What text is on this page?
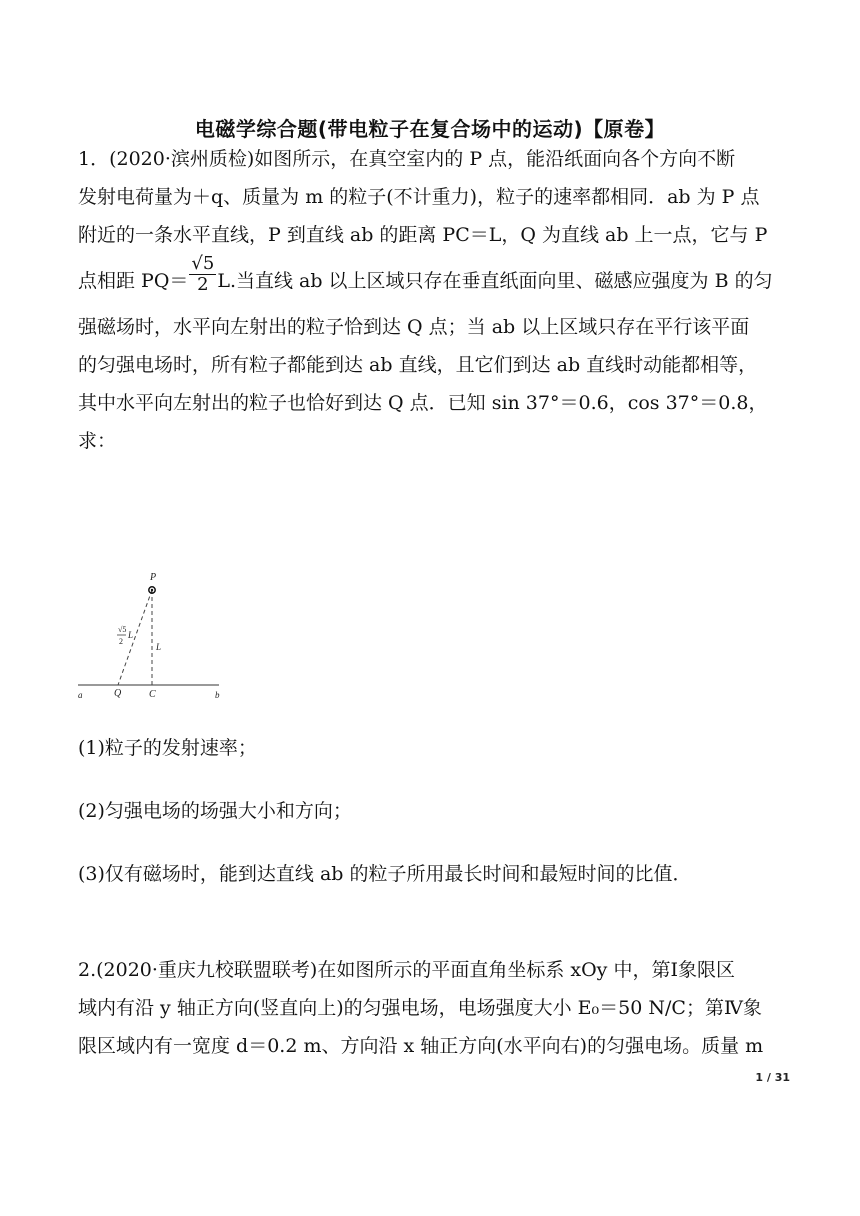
电磁学综合题(带电粒子在复合场中的运动)【原卷】
1．(2020·滨州质检)如图所示，在真空室内的 P 点，能沿纸面向各个方向不断
发射电荷量为＋q、质量为 m 的粒子(不计重力)，粒子的速率都相同．ab 为 P 点
附近的一条水平直线，P 到直线 ab 的距离 PC＝L，Q 为直线 ab 上一点，它与 P
点相距 $PQ= \frac{√5}{2} L$.当直线 ab 以上区域只存在垂直纸面向里、磁感应强度为 B 的匀
强磁场时，水平向左射出的粒子恰到达 Q 点；当 ab 以上区域只存在平行该平面
的匀强电场时，所有粒子都能到达 ab 直线，且它们到达 ab 直线时动能都相等，
其中水平向左射出的粒子也恰好到达 Q 点．已知 sin 37°＝0.6，cos 37°＝0.8，
求：
P
√5
2
L
L
a	Q	C	b
(1)粒子的发射速率；
(2)匀强电场的场强大小和方向；
(3)仅有磁场时，能到达直线 ab 的粒子所用最长时间和最短时间的比值．
2.(2020·重庆九校联盟联考)在如图所示的平面直角坐标系 xOy 中，第Ⅰ象限区
域内有沿 y 轴正方向(竖直向上)的匀强电场，电场强度大小 E₀＝50 N/C；第Ⅳ象
限区域内有一宽度 d＝0.2 m、方向沿 x 轴正方向(水平向右)的匀强电场。质量 m
1 / 31
